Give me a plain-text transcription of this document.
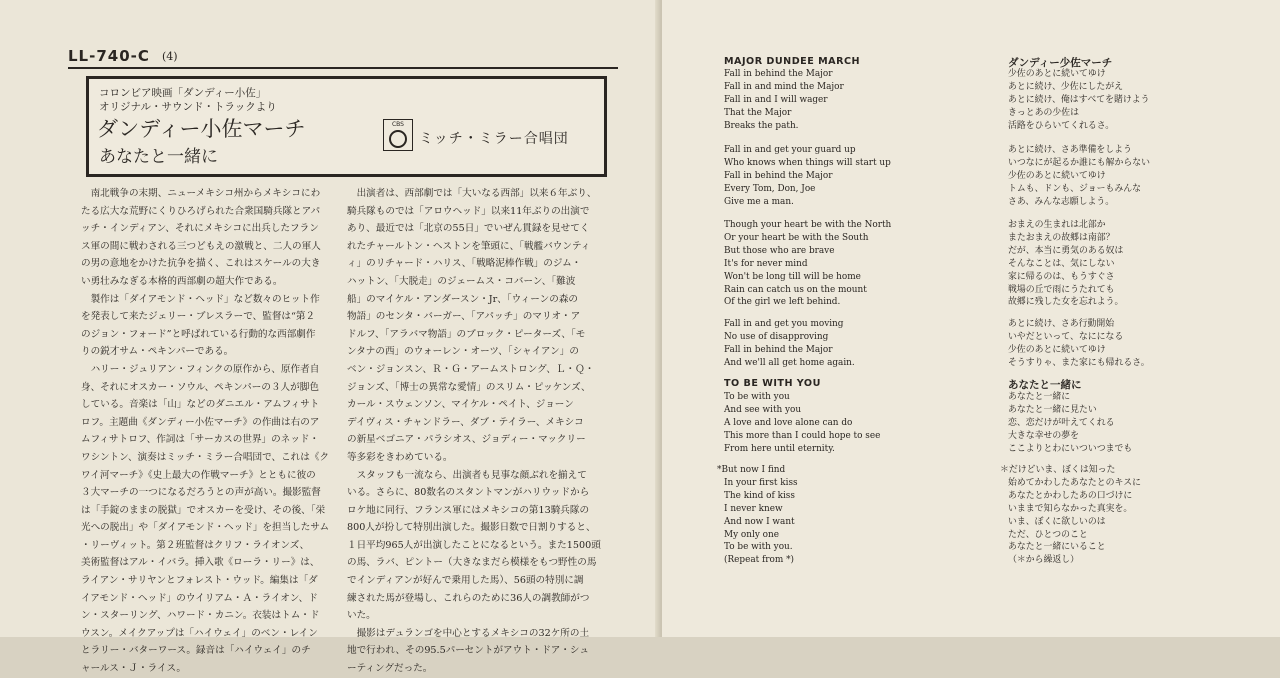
LL-740-C (4)
コロンビア映画「ダンディー小佐」
オリジナル・サウンド・トラックより
ダンディー小佐マーチ
あなたと一緒に
CBS
ミッチ・ミラー合唱団
　南北戦争の末期、ニューメキシコ州からメキシコにわ
たる広大な荒野にくりひろげられた合衆国騎兵隊とアパ
ッチ・インディアン、それにメキシコに出兵したフラン
ス軍の間に戦わされる三つどもえの激戦と、二人の軍人
の男の意地をかけた抗争を描く、これはスケールの大き
い勇壮みなぎる本格的西部劇の超大作である。
　製作は「ダイアモンド・ヘッド」など数々のヒット作
を発表して来たジェリー・ブレスラーで、監督は“第２
のジョン・フォード”と呼ばれている行動的な西部劇作
りの鋭才サム・ペキンパーである。
　ハリー・ジュリアン・フィンクの原作から、原作者自
身、それにオスカー・ソウル、ペキンパーの３人が脚色
している。音楽は「山」などのダニエル・アムフィサト
ロフ。主題曲《ダンディー小佐マーチ》の作曲は右のア
ムフィサトロフ、作詞は「サーカスの世界」のネッド・
ワシントン、演奏はミッチ・ミラー合唱団で、これは《ク
ワイ河マーチ》《史上最大の作戦マーチ》とともに彼の
３大マーチの一つになるだろうとの声が高い。撮影監督
は「手錠のままの脱獄」でオスカーを受け、その後、「栄
光への脱出」や「ダイアモンド・ヘッド」を担当したサム
・リーヴィット。第２班監督はクリフ・ライオンズ、
美術監督はアル・イバラ。挿入歌《ローラ・リー》は、
ライアン・サリヤンとフォレスト・ウッド。編集は「ダ
イアモンド・ヘッド」のウイリアム・Ａ・ライオン、ド
ン・スターリング、ハワード・カニン。衣装はトム・ド
ウスン。メイクアップは「ハイウェイ」のベン・レイン
とラリー・バターワース。録音は「ハイウェイ」のチ
ャールス・Ｊ・ライス。
　出演者は、西部劇では「大いなる西部」以来６年ぶり、
騎兵隊ものでは「アロウヘッド」以来11年ぶりの出演で
あり、最近では「北京の55日」でいぜん貫録を見せてく
れたチャールトン・ヘストンを筆頭に、「戦艦バウンティ
ィ」のリチャード・ハリス、「戦略泥棒作戦」のジム・
ハットン、「大脱走」のジェームス・コバーン、「難波
船」のマイケル・アンダースン・Jr、「ウィーンの森の
物語」のセンタ・バーガー、「アパッチ」のマリオ・ア
ドルフ、「アラバマ物語」のブロック・ピーターズ、「モ
ンタナの西」のウォーレン・オーツ、「シャイアン」の
ベン・ジョンスン、Ｒ・Ｇ・アームストロング、Ｌ・Ｑ・
ジョンズ、「博士の異常な愛情」のスリム・ピッケンズ、
カール・スウェンソン、マイケル・ペイト、ジョーン
デイヴィス・チャンドラー、ダブ・テイラー、メキシコ
の新星ベゴニア・パラシオス、ジョディー・マックリー
等多彩をきわめている。
　スタッフも一流なら、出演者も見事な顔ぶれを揃えて
いる。さらに、80数名のスタントマンがハリウッドから
ロケ地に同行、フランス軍にはメキシコの第13騎兵隊の
800人が扮して特別出演した。撮影日数で日割りすると、
１日平均965人が出演したことになるという。また1500頭
の馬、ラバ、ピントー（大きなまだら模様をもつ野性の馬
でインディアンが好んで乗用した馬）、56頭の特別に調
練された馬が登場し、これらのために36人の調教師がつ
いた。
　撮影はデュランゴを中心とするメキシコの32ケ所の土
地で行われ、その95.5パーセントがアウト・ドア・シュ
ーティングだった。
MAJOR DUNDEE MARCH	ダンディー少佐マーチ
Fall in behind the Major
Fall in and mind the Major
Fall in and I will wager
That the Major
Breaks the path.
Fall in and get your guard up
Who knows when things will start up
Fall in behind the Major
Every Tom, Don, Joe
Give me a man.
Though your heart be with the North
Or your heart be with the South
But those who are brave
It's for never mind
Won't be long till will be home
Rain can catch us on the mount
Of the girl we left behind.
Fall in and get you moving
No use of disapproving
Fall in behind the Major
And we'll all get home again.
少佐のあとに続いてゆけ
あとに続け、少佐にしたがえ
あとに続け、俺はすべてを賭けよう
きっとあの少佐は
活路をひらいてくれるさ。
あとに続け、さあ準備をしよう
いつなにが起るか誰にも解からない
少佐のあとに続いてゆけ
トムも、ドンも、ジョーもみんな
さあ、みんな志願しよう。
おまえの生まれは北部か
またおまえの故郷は南部？
だが、本当に勇気のある奴は
そんなことは、気にしない
家に帰るのは、もうすぐさ
戦場の丘で雨にうたれても
故郷に残した女を忘れよう。
あとに続け、さあ行動開始
いやだといって、なにになる
少佐のあとに続いてゆけ
そうすりゃ、また家にも帰れるさ。
TO BE WITH YOU	あなたと一緒に
To be with you
And see with you
A love and love alone can do
This more than I could hope to see
From here until eternity.
*But now I find
In your first kiss
The kind of kiss
I never knew
And now I want
My only one
To be with you.
(Repeat from *)
あなたと一緒に
あなたと一緒に見たい
恋、恋だけが叶えてくれる
大きな幸せの夢を
ここよりとわにいついつまでも
＊だけどいま、ぼくは知った
始めてかわしたあなたとのキスに
あなたとかわしたあの口づけに
いままで知らなかった真実を。
いま、ぼくに欲しいのは
ただ、ひとつのこと
あなたと一緒にいること
（＊から繰返し）
